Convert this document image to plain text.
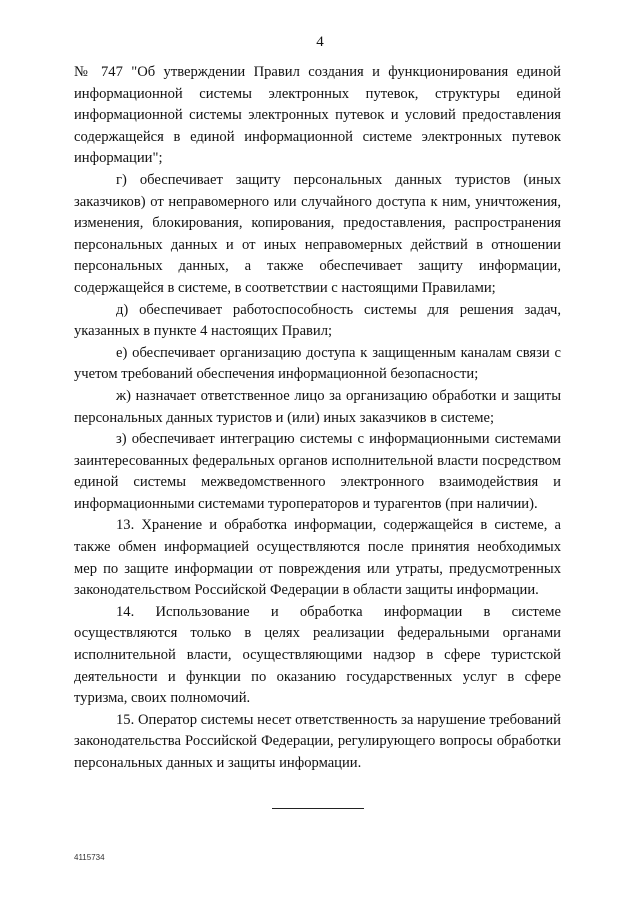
4

№ 747 "Об утверждении Правил создания и функционирования единой информационной системы электронных путевок, структуры единой информационной системы электронных путевок и условий предоставления содержащейся в единой информационной системе электронных путевок информации";

г) обеспечивает защиту персональных данных туристов (иных заказчиков) от неправомерного или случайного доступа к ним, уничтожения, изменения, блокирования, копирования, предоставления, распространения персональных данных и от иных неправомерных действий в отношении персональных данных, а также обеспечивает защиту информации, содержащейся в системе, в соответствии с настоящими Правилами;

д) обеспечивает работоспособность системы для решения задач, указанных в пункте 4 настоящих Правил;

е) обеспечивает организацию доступа к защищенным каналам связи с учетом требований обеспечения информационной безопасности;

ж) назначает ответственное лицо за организацию обработки и защиты персональных данных туристов и (или) иных заказчиков в системе;

з) обеспечивает интеграцию системы с информационными системами заинтересованных федеральных органов исполнительной власти посредством единой системы межведомственного электронного взаимодействия и информационными системами туроператоров и турагентов (при наличии).

13. Хранение и обработка информации, содержащейся в системе, а также обмен информацией осуществляются после принятия необходимых мер по защите информации от повреждения или утраты, предусмотренных законодательством Российской Федерации в области защиты информации.

14. Использование и обработка информации в системе осуществляются только в целях реализации федеральными органами исполнительной власти, осуществляющими надзор в сфере туристской деятельности и функции по оказанию государственных услуг в сфере туризма, своих полномочий.

15. Оператор системы несет ответственность за нарушение требований законодательства Российской Федерации, регулирующего вопросы обработки персональных данных и защиты информации.

4115734
